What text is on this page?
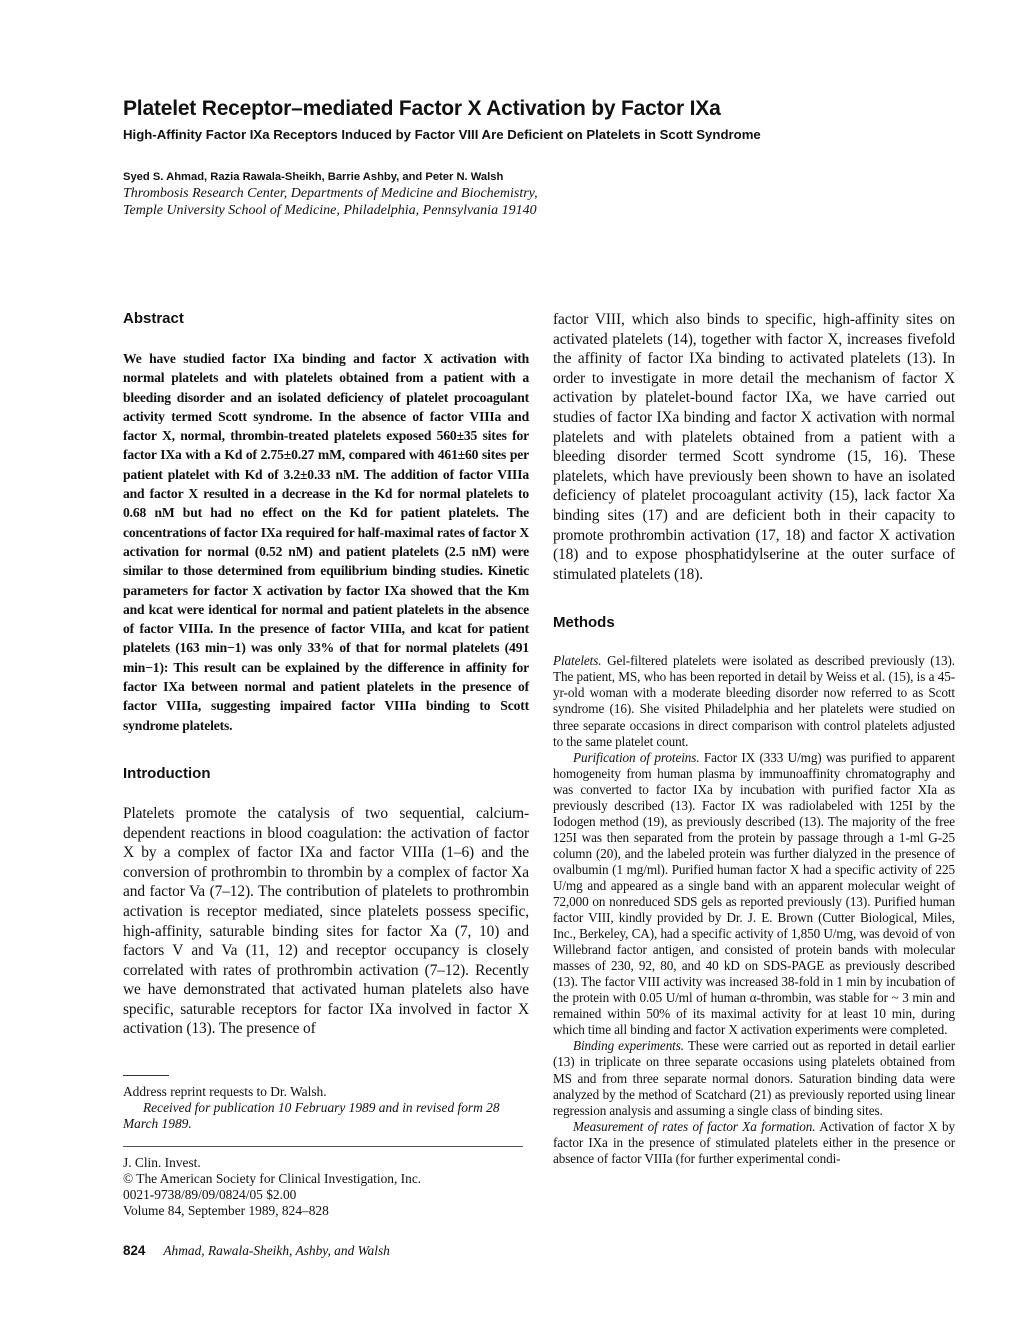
Platelet Receptor–mediated Factor X Activation by Factor IXa
High-Affinity Factor IXa Receptors Induced by Factor VIII Are Deficient on Platelets in Scott Syndrome
Syed S. Ahmad, Razia Rawala-Sheikh, Barrie Ashby, and Peter N. Walsh
Thrombosis Research Center, Departments of Medicine and Biochemistry,
Temple University School of Medicine, Philadelphia, Pennsylvania 19140
Abstract

We have studied factor IXa binding and factor X activation with normal platelets and with platelets obtained from a patient with a bleeding disorder and an isolated deficiency of platelet procoagulant activity termed Scott syndrome. In the absence of factor VIIIa and factor X, normal, thrombin-treated platelets exposed 560±35 sites for factor IXa with a Kd of 2.75±0.27 mM, compared with 461±60 sites per patient platelet with Kd of 3.2±0.33 nM. The addition of factor VIIIa and factor X resulted in a decrease in the Kd for normal platelets to 0.68 nM but had no effect on the Kd for patient platelets. The concentrations of factor IXa required for half-maximal rates of factor X activation for normal (0.52 nM) and patient platelets (2.5 nM) were similar to those determined from equilibrium binding studies. Kinetic parameters for factor X activation by factor IXa showed that the Km and kcat were identical for normal and patient platelets in the absence of factor VIIIa. In the presence of factor VIIIa, and kcat for patient platelets (163 min−1) was only 33% of that for normal platelets (491 min−1): This result can be explained by the difference in affinity for factor IXa between normal and patient platelets in the presence of factor VIIIa, suggesting impaired factor VIIIa binding to Scott syndrome platelets.

Introduction

Platelets promote the catalysis of two sequential, calcium-dependent reactions in blood coagulation: the activation of factor X by a complex of factor IXa and factor VIIIa (1–6) and the conversion of prothrombin to thrombin by a complex of factor Xa and factor Va (7–12). The contribution of platelets to prothrombin activation is receptor mediated, since platelets possess specific, high-affinity, saturable binding sites for factor Xa (7, 10) and factors V and Va (11, 12) and receptor occupancy is closely correlated with rates of prothrombin activation (7–12). Recently we have demonstrated that activated human platelets also have specific, saturable receptors for factor IXa involved in factor X activation (13). The presence of

Address reprint requests to Dr. Walsh.

Received for publication 10 February 1989 and in revised form 28 March 1989.

J. Clin. Invest.

© The American Society for Clinical Investigation, Inc.

0021-9738/89/09/0824/05 $2.00

Volume 84, September 1989, 824–828

factor VIII, which also binds to specific, high-affinity sites on activated platelets (14), together with factor X, increases fivefold the affinity of factor IXa binding to activated platelets (13). In order to investigate in more detail the mechanism of factor X activation by platelet-bound factor IXa, we have carried out studies of factor IXa binding and factor X activation with normal platelets and with platelets obtained from a patient with a bleeding disorder termed Scott syndrome (15, 16). These platelets, which have previously been shown to have an isolated deficiency of platelet procoagulant activity (15), lack factor Xa binding sites (17) and are deficient both in their capacity to promote prothrombin activation (17, 18) and factor X activation (18) and to expose phosphatidylserine at the outer surface of stimulated platelets (18).

Methods

Platelets. Gel-filtered platelets were isolated as described previously (13). The patient, MS, who has been reported in detail by Weiss et al. (15), is a 45-yr-old woman with a moderate bleeding disorder now referred to as Scott syndrome (16). She visited Philadelphia and her platelets were studied on three separate occasions in direct comparison with control platelets adjusted to the same platelet count.

Purification of proteins. Factor IX (333 U/mg) was purified to apparent homogeneity from human plasma by immunoaffinity chromatography and was converted to factor IXa by incubation with purified factor XIa as previously described (13). Factor IX was radiolabeled with 125I by the Iodogen method (19), as previously described (13). The majority of the free 125I was then separated from the protein by passage through a 1-ml G-25 column (20), and the labeled protein was further dialyzed in the presence of ovalbumin (1 mg/ml). Purified human factor X had a specific activity of 225 U/mg and appeared as a single band with an apparent molecular weight of 72,000 on nonreduced SDS gels as reported previously (13). Purified human factor VIII, kindly provided by Dr. J. E. Brown (Cutter Biological, Miles, Inc., Berkeley, CA), had a specific activity of 1,850 U/mg, was devoid of von Willebrand factor antigen, and consisted of protein bands with molecular masses of 230, 92, 80, and 40 kD on SDS-PAGE as previously described (13). The factor VIII activity was increased 38-fold in 1 min by incubation of the protein with 0.05 U/ml of human α-thrombin, was stable for ~ 3 min and remained within 50% of its maximal activity for at least 10 min, during which time all binding and factor X activation experiments were completed.

Binding experiments. These were carried out as reported in detail earlier (13) in triplicate on three separate occasions using platelets obtained from MS and from three separate normal donors. Saturation binding data were analyzed by the method of Scatchard (21) as previously reported using linear regression analysis and assuming a single class of binding sites.

Measurement of rates of factor Xa formation. Activation of factor X by factor IXa in the presence of stimulated platelets either in the presence or absence of factor VIIIa (for further experimental condi-

824 Ahmad, Rawala-Sheikh, Ashby, and Walsh
